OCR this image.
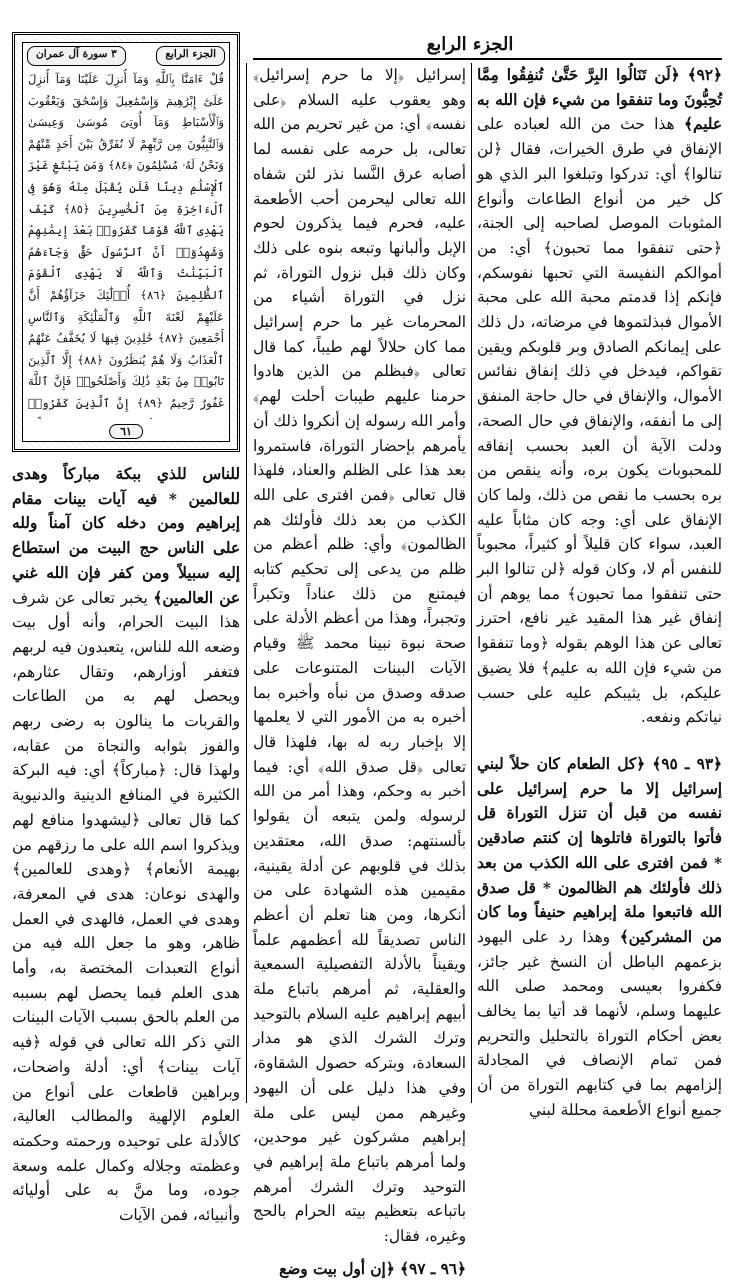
الجزء الرابع
الجزء الرابع
٣ سورة آل عمران
قُلْ ءَامَنَّا بِٱللَّهِ وَمَآ أُنزِلَ عَلَيْنَا وَمَآ أُنزِلَ عَلَىٰٓ إِبْرَٰهِيمَ وَإِسْمَٰعِيلَ وَإِسْحَٰقَ وَيَعْقُوبَ وَٱلْأَسْبَاطِ وَمَآ أُوتِىَ مُوسَىٰ وَعِيسَىٰ وَٱلنَّبِيُّونَ مِن رَّبِّهِمْ لَا نُفَرِّقُ بَيْنَ أَحَدٍ مِّنْهُمْ وَنَحْنُ لَهُۥ مُسْلِمُونَ ﴿٨٤﴾ وَمَن يَبْتَغِ غَيْرَ ٱلْإِسْلَٰمِ دِينًا فَلَن يُقْبَلَ مِنْهُ وَهُوَ فِى ٱلْءَاخِرَةِ مِنَ ٱلْخَٰسِرِينَ ﴿٨٥﴾ كَيْفَ يَهْدِى ٱللَّهُ قَوْمًا كَفَرُوا۟ بَعْدَ إِيمَٰنِهِمْ وَشَهِدُوٓا۟ أَنَّ ٱلرَّسُولَ حَقٌّ وَجَآءَهُمُ ٱلْبَيِّنَٰتُ وَٱللَّهُ لَا يَهْدِى ٱلْقَوْمَ ٱلظَّٰلِمِينَ ﴿٨٦﴾ أُو۟لَٰٓئِكَ جَزَآؤُهُمْ أَنَّ عَلَيْهِمْ لَعْنَةَ ٱللَّهِ وَٱلْمَلَٰٓئِكَةِ وَٱلنَّاسِ أَجْمَعِينَ ﴿٨٧﴾ خَٰلِدِينَ فِيهَا لَا يُخَفَّفُ عَنْهُمُ ٱلْعَذَابُ وَلَا هُمْ يُنظَرُونَ ﴿٨٨﴾ إِلَّا ٱلَّذِينَ تَابُوا۟ مِنۢ بَعْدِ ذَٰلِكَ وَأَصْلَحُوا۟ فَإِنَّ ٱللَّهَ غَفُورٌ رَّحِيمٌ ﴿٨٩﴾ إِنَّ ٱلَّذِينَ كَفَرُوا۟
٦١

﴿٩٢﴾ ﴿لَن تَنَالُوا البِرَّ حَتَّىٰ تُنفِقُوا مِمَّا تُحِبُّونَ وما تنفقوا من شيء فإن الله به عليم﴾ هذا حث من الله لعباده على الإنفاق في طرق الخيرات، فقال ﴿لن تنالوا﴾ أي: تدركوا وتبلغوا البر الذي هو كل خير من أنواع الطاعات وأنواع المثوبات الموصل لصاحبه إلى الجنة، ﴿حتى تنفقوا مما تحبون﴾ أي: من أموالكم النفيسة التي تحبها نفوسكم، فإنكم إذا قدمتم محبة الله على محبة الأموال فبذلتموها في مرضاته، دل ذلك على إيمانكم الصادق وبر قلوبكم ويقين تقواكم، فيدخل في ذلك إنفاق نفائس الأموال، والإنفاق في حال حاجة المنفق إلى ما أنفقه، والإنفاق في حال الصحة، ودلت الآية أن العبد بحسب إنفاقه للمحبوبات يكون بره، وأنه ينقص من بره بحسب ما نقص من ذلك، ولما كان الإنفاق على أي: وجه كان مثاباً عليه العبد، سواء كان قليلاً أو كثيراً، محبوباً للنفس أم لا، وكان قوله ﴿لن تنالوا البر حتى تنفقوا مما تحبون﴾ مما يوهم أن إنفاق غير هذا المقيد غير نافع، احترز تعالى عن هذا الوهم بقوله ﴿وما تنفقوا من شيء فإن الله به عليم﴾ فلا يضيق عليكم، بل يثيبكم عليه على حسب نياتكم ونفعه.

﴿٩٣ ـ ٩٥﴾ ﴿كل الطعام كان حلاً لبني إسرائيل إلا ما حرم إسرائيل على نفسه من قبل أن تنزل التوراة قل فأتوا بالتوراة فاتلوها إن كنتم صادقين * فمن افترى على الله الكذب من بعد ذلك فأولئك هم الظالمون * قل صدق الله فاتبعوا ملة إبراهيم حنيفاً وما كان من المشركين﴾ وهذا رد على اليهود بزعمهم الباطل أن النسخ غير جائز، فكفروا بعيسى ومحمد صلى الله عليهما وسلم، لأنهما قد أتيا بما يخالف بعض أحكام التوراة بالتحليل والتحريم فمن تمام الإنصاف في المجادلة إلزامهم بما في كتابهم التوراة من أن جميع أنواع الأطعمة محللة لبني

إسرائيل ﴿إلا ما حرم إسرائيل﴾ وهو يعقوب عليه السلام ﴿على نفسه﴾ أي: من غير تحريم من الله تعالى، بل حرمه على نفسه لما أصابه عرق النَّسا نذر لئن شفاه الله تعالى ليحرمن أحب الأطعمة عليه، فحرم فيما يذكرون لحوم الإبل وألبانها وتبعه بنوه على ذلك وكان ذلك قبل نزول التوراة، ثم نزل في التوراة أشياء من المحرمات غير ما حرم إسرائيل مما كان حلالاً لهم طيباً، كما قال تعالى ﴿فبظلم من الذين هادوا حرمنا عليهم طيبات أحلت لهم﴾ وأمر الله رسوله إن أنكروا ذلك أن يأمرهم بإحضار التوراة، فاستمروا بعد هذا على الظلم والعناد، فلهذا قال تعالى ﴿فمن افترى على الله الكذب من بعد ذلك فأولئك هم الظالمون﴾ وأي: ظلم أعظم من ظلم من يدعى إلى تحكيم كتابه فيمتنع من ذلك عناداً وتكبراً وتجبراً، وهذا من أعظم الأدلة على صحة نبوة نبينا محمد ﷺ وقيام الآيات البينات المتنوعات على صدقه وصدق من نبأه وأخبره بما أخبره به من الأمور التي لا يعلمها إلا بإخبار ربه له بها، فلهذا قال تعالى ﴿قل صدق الله﴾ أي: فيما أخبر به وحكم، وهذا أمر من الله لرسوله ولمن يتبعه أن يقولوا بألسنتهم: صدق الله، معتقدين بذلك في قلوبهم عن أدلة يقينية، مقيمين هذه الشهادة على من أنكرها، ومن هنا تعلم أن أعظم الناس تصديقاً لله أعظمهم علماً ويقيناً بالأدلة التفصيلية السمعية والعقلية، ثم أمرهم باتباع ملة أبيهم إبراهيم عليه السلام بالتوحيد وترك الشرك الذي هو مدار السعادة، وبتركه حصول الشقاوة، وفي هذا دليل على أن اليهود وغيرهم ممن ليس على ملة إبراهيم مشركون غير موحدين، ولما أمرهم باتباع ملة إبراهيم في التوحيد وترك الشرك أمرهم باتباعه بتعظيم بيته الحرام بالحج وغيره، فقال:

﴿٩٦ ـ ٩٧﴾ ﴿إن أول بيت وضع

للناس للذي ببكة مباركاً وهدى للعالمين * فيه آيات بينات مقام إبراهيم ومن دخله كان آمناً ولله على الناس حج البيت من استطاع إليه سبيلاً ومن كفر فإن الله غني عن العالمين﴾ يخبر تعالى عن شرف هذا البيت الحرام، وأنه أول بيت وضعه الله للناس، يتعبدون فيه لربهم فتغفر أوزارهم، وتقال عثارهم، ويحصل لهم به من الطاعات والقربات ما ينالون به رضى ربهم والفوز بثوابه والنجاة من عقابه، ولهذا قال: ﴿مباركاً﴾ أي: فيه البركة الكثيرة في المنافع الدينية والدنيوية كما قال تعالى ﴿ليشهدوا منافع لهم ويذكروا اسم الله على ما رزقهم من بهيمة الأنعام﴾ ﴿وهدى للعالمين﴾ والهدى نوعان: هدى في المعرفة، وهدى في العمل، فالهدى في العمل ظاهر، وهو ما جعل الله فيه من أنواع التعبدات المختصة به، وأما هدى العلم فبما يحصل لهم بسببه من العلم بالحق بسبب الآيات البينات التي ذكر الله تعالى في قوله ﴿فيه آيات بينات﴾ أي: أدلة واضحات، وبراهين قاطعات على أنواع من العلوم الإلهية والمطالب العالية، كالأدلة على توحيده ورحمته وحكمته وعظمته وجلاله وكمال علمه وسعة جوده، وما منَّ به على أوليائه وأنبيائه، فمن الآيات
